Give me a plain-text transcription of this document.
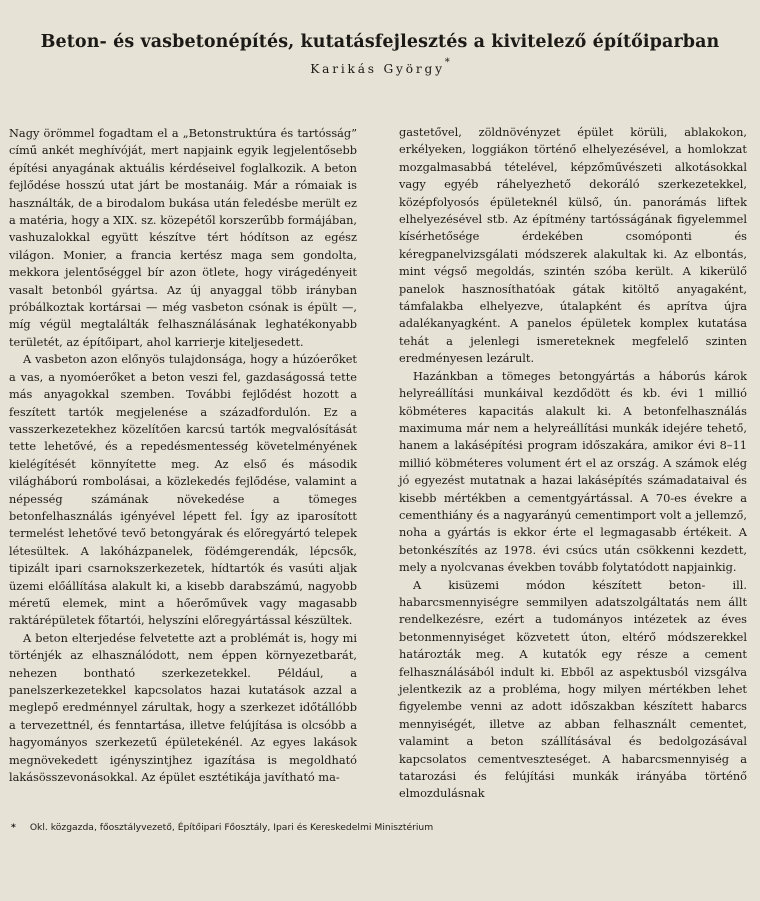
Beton- és vasbetonépítés, kutatásfejlesztés a kivitelező építőiparban
Karikás György*

Nagy örömmel fogadtam el a „Betonstruktúra és tartósság” című ankét meghívóját, mert napjaink egyik legjelentősebb építési anyagának aktuális kérdéseivel foglalkozik. A beton fejlődése hosszú utat járt be mostanáig. Már a rómaiak is használták, de a birodalom bukása után feledésbe merült ez a matéria, hogy a XIX. sz. közepétől korszerűbb formájában, vashuzalokkal együtt készítve tért hódítson az egész világon. Monier, a francia kertész maga sem gondolta, mekkora jelentőséggel bír azon ötlete, hogy virágedényeit vasalt betonból gyártsa. Az új anyaggal több irányban próbálkoztak kortársai — még vasbeton csónak is épült —, míg végül megtalálták felhasználásának leghatékonyabb területét, az építőipart, ahol karrierje kiteljesedett.

A vasbeton azon előnyös tulajdonsága, hogy a húzóerőket a vas, a nyomóerőket a beton veszi fel, gazdaságossá tette más anyagokkal szemben. További fejlődést hozott a feszített tartók megjelenése a századfordulón. Ez a vasszerkezetekhez közelítően karcsú tartók megvalósítását tette lehetővé, és a repedésmentesség követelményének kielégítését könnyítette meg. Az első és második világháború rombolásai, a közlekedés fejlődése, valamint a népesség számának növekedése a tömeges betonfelhasználás igényével lépett fel. Így az iparosított termelést lehetővé tevő betongyárak és előregyártó telepek létesültek. A lakóházpanelek, födémgerendák, lépcsők, tipizált ipari csarnokszerkezetek, hídtartók és vasúti aljak üzemi előállítása alakult ki, a kisebb darabszámú, nagyobb méretű elemek, mint a hőerőművek vagy magasabb raktárépületek főtartói, helyszíni előregyártással készültek.

A beton elterjedése felvetette azt a problémát is, hogy mi történjék az elhasználódott, nem éppen környezetbarát, nehezen bontható szerkezetekkel. Például, a panelszerkezetekkel kapcsolatos hazai kutatások azzal a meglepő eredménnyel zárultak, hogy a szerkezet időtállóbb a tervezettnél, és fenntartása, illetve felújítása is olcsóbb a hagyományos szerkezetű épületekénél. Az egyes lakások megnövekedett igényszintjhez igazítása is megoldható lakásösszevonásokkal. Az épület esztétikája javítható ma-

gastetővel, zöldnövényzet épület körüli, ablakokon, erkélyeken, loggiákon történő elhelyezésével, a homlokzat mozgalmasabbá tételével, képzőművészeti alkotásokkal vagy egyéb ráhelyezhető dekoráló szerkezetekkel, középfolyosós épületeknél külső, ún. panorámás liftek elhelyezésével stb. Az építmény tartósságának figyelemmel kísérhetősége érdekében csomóponti és kéregpanelvizsgálati módszerek alakultak ki. Az elbontás, mint végső megoldás, szintén szóba került. A kikerülő panelok hasznosíthatóak gátak kitöltő anyagaként, támfalakba elhelyezve, útalapként és aprítva újra adalékanyagként. A panelos épületek komplex kutatása tehát a jelenlegi ismereteknek megfelelő szinten eredményesen lezárult.

Hazánkban a tömeges betongyártás a háborús károk helyreállítási munkáival kezdődött és kb. évi 1 millió köbméteres kapacitás alakult ki. A betonfelhasználás maximuma már nem a helyreállítási munkák idejére tehető, hanem a lakásépítési program időszakára, amikor évi 8–11 millió köbméteres volument ért el az ország. A számok elég jó egyezést mutatnak a hazai lakásépítés számadataival és kisebb mértékben a cementgyártással. A 70-es évekre a cementhiány és a nagyarányú cementimport volt a jellemző, noha a gyártás is ekkor érte el legmagasabb értékeit. A betonkészítés az 1978. évi csúcs után csökkenni kezdett, mely a nyolcvanas években tovább folytatódott napjainkig.

A kisüzemi módon készített beton- ill. habarcsmennyiségre semmilyen adatszolgáltatás nem állt rendelkezésre, ezért a tudományos intézetek az éves betonmennyiséget közvetett úton, eltérő módszerekkel határozták meg. A kutatók egy része a cement felhasználásából indult ki. Ebből az aspektusból vizsgálva jelentkezik az a probléma, hogy milyen mértékben lehet figyelembe venni az adott időszakban készített habarcs mennyiségét, illetve az abban felhasznált cementet, valamint a beton szállításával és bedolgozásával kapcsolatos cementveszteséget. A habarcsmennyiség a tatarozási és felújítási munkák irányába történő elmozdulásnak

* Okl. közgazda, főosztályvezető, Építőipari Főosztály, Ipari és Kereskedelmi Minisztérium
